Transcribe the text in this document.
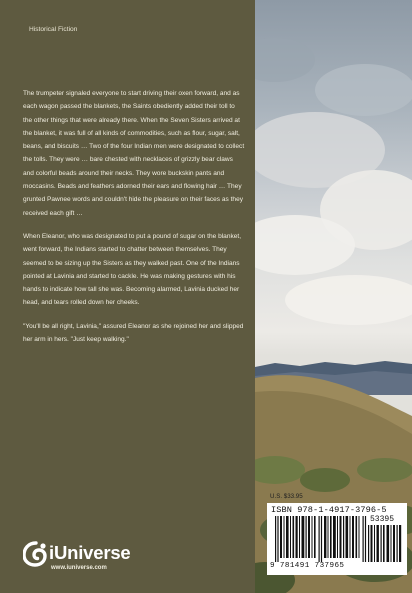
Historical Fiction

The trumpeter signaled everyone to start driving their oxen forward, and as each wagon passed the blankets, the Saints obediently added their toll to the other things that were already there. When the Seven Sisters arrived at the blanket, it was full of all kinds of commodities, such as flour, sugar, salt, beans, and biscuits … Two of the four Indian men were designated to collect the tolls. They were … bare chested with necklaces of grizzly bear claws and colorful beads around their necks. They wore buckskin pants and moccasins. Beads and feathers adorned their ears and flowing hair … They grunted Pawnee words and couldn't hide the pleasure on their faces as they received each gift …

When Eleanor, who was designated to put a pound of sugar on the blanket, went forward, the Indians started to chatter between themselves. They seemed to be sizing up the Sisters as they walked past. One of the Indians pointed at Lavinia and started to cackle. He was making gestures with his hands to indicate how tall she was. Becoming alarmed, Lavinia ducked her head, and tears rolled down her cheeks.

"You'll be all right, Lavinia," assured Eleanor as she rejoined her and slipped her arm in hers. "Just keep walking."

iUniverse
www.iuniverse.com
U.S. $33.95
ISBN 978-1-4917-3796-5
53395
9 781491 737965
